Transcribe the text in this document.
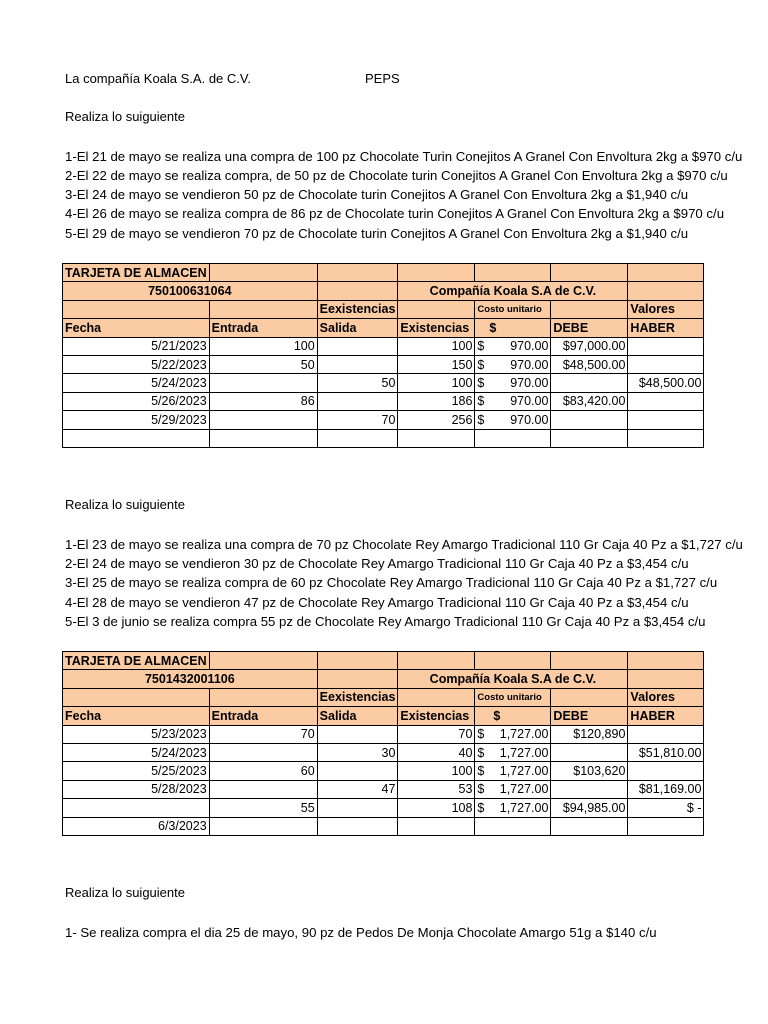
La compañía Koala S.A. de C.V.	PEPS
Realiza lo suiguiente
1-El 21 de mayo se realiza una compra de 100 pz Chocolate Turin Conejitos A Granel Con Envoltura 2kg a $970 c/u
2-El 22 de mayo se realiza compra, de 50 pz de Chocolate turin Conejitos A Granel Con Envoltura 2kg a $970 c/u
3-El 24 de mayo se vendieron 50 pz de Chocolate turin Conejitos A Granel Con Envoltura 2kg a $1,940 c/u
4-El 26 de mayo se realiza compra de 86 pz de Chocolate turin Conejitos A Granel Con Envoltura 2kg a $970 c/u
5-El 29 de mayo se vendieron 70 pz de Chocolate turin Conejitos A Granel Con Envoltura 2kg a $1,940 c/u
TARJETA DE ALMACEN						
750100631064			Compañía Koala S.A de C.V.			
		Eexistencias		Costo unitario		Valores
Fecha	Entrada	Salida	Existencias	$	DEBE	HABER
5/21/2023	100		100	$ 970.00	$97,000.00	
5/22/2023	50		150	$ 970.00	$48,500.00	
5/24/2023		50	100	$ 970.00		$48,500.00
5/26/2023	86		186	$ 970.00	$83,420.00	
5/29/2023		70	256	$ 970.00		

Realiza lo suiguiente
1-El 23 de mayo se realiza una compra de 70 pz Chocolate Rey Amargo Tradicional 110 Gr Caja 40 Pz a $1,727 c/u
2-El 24 de mayo se vendieron 30 pz de Chocolate Rey Amargo Tradicional 110 Gr Caja 40 Pz a $3,454 c/u
3-El 25 de mayo se realiza compra de 60 pz Chocolate Rey Amargo Tradicional 110 Gr Caja 40 Pz a $1,727 c/u
4-El 28 de mayo se vendieron 47 pz de Chocolate Rey Amargo Tradicional 110 Gr Caja 40 Pz a $3,454 c/u
5-El 3 de junio se realiza compra 55 pz de Chocolate Rey Amargo Tradicional 110 Gr Caja 40 Pz a $3,454 c/u
TARJETA DE ALMACEN						
7501432001106			Compañía Koala S.A de C.V.			
		Eexistencias		Costo unitario		Valores
Fecha	Entrada	Salida	Existencias	$	DEBE	HABER
5/23/2023	70		70	$ 1,727.00	$120,890	
5/24/2023		30	40	$ 1,727.00		$51,810.00
5/25/2023	60		100	$ 1,727.00	$103,620	
5/28/2023		47	53	$ 1,727.00		$81,169.00
	55		108	$ 1,727.00	$94,985.00	$ -
6/3/2023				

Realiza lo suiguiente
1- Se realiza compra el dia 25 de mayo, 90 pz de Pedos De Monja Chocolate Amargo 51g a $140 c/u
